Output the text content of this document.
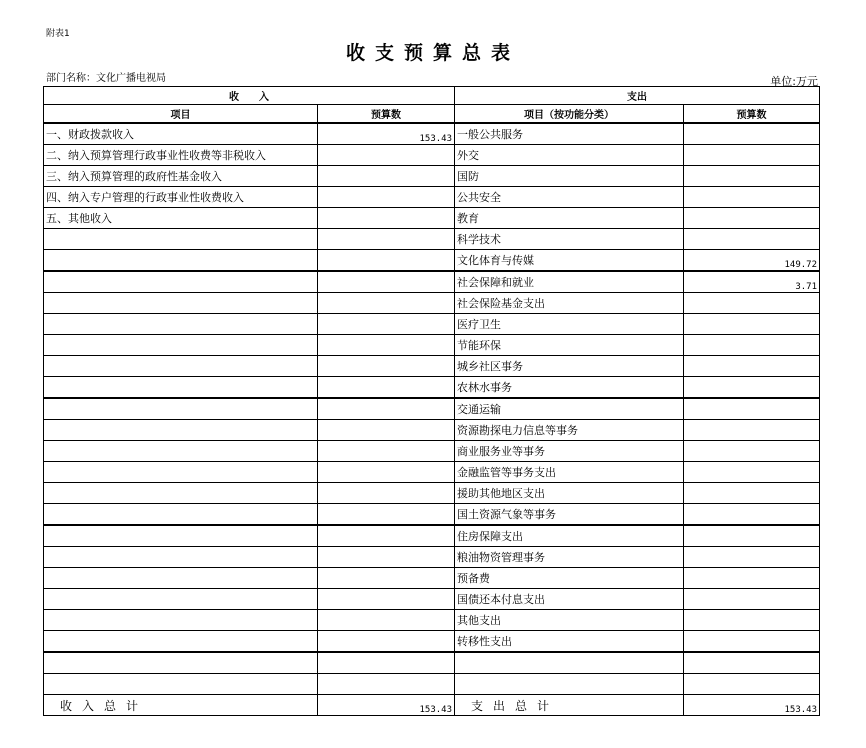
附表1
收支预算总表
部门名称：文化广播电视局	单位:万元
收　　入		支出	
项目	预算数	项目（按功能分类）	预算数
一、财政拨款收入	153.43	一般公共服务	
二、纳入预算管理行政事业性收费等非税收入		外交	
三、纳入预算管理的政府性基金收入		国防	
四、纳入专户管理的行政事业性收费收入		公共安全	
五、其他收入		教育	
		科学技术	
		文化体育与传媒	149.72
		社会保障和就业	3.71
		社会保险基金支出	
		医疗卫生	
		节能环保	
		城乡社区事务	
		农林水事务	
		交通运输	
		资源勘探电力信息等事务	
		商业服务业等事务	
		金融监管等事务支出	
		援助其他地区支出	
		国土资源气象等事务	
		住房保障支出	
		粮油物资管理事务	
		预备费	
		国债还本付息支出	
		其他支出	
		转移性支出	

收入总计	153.43	支出总计	153.43
